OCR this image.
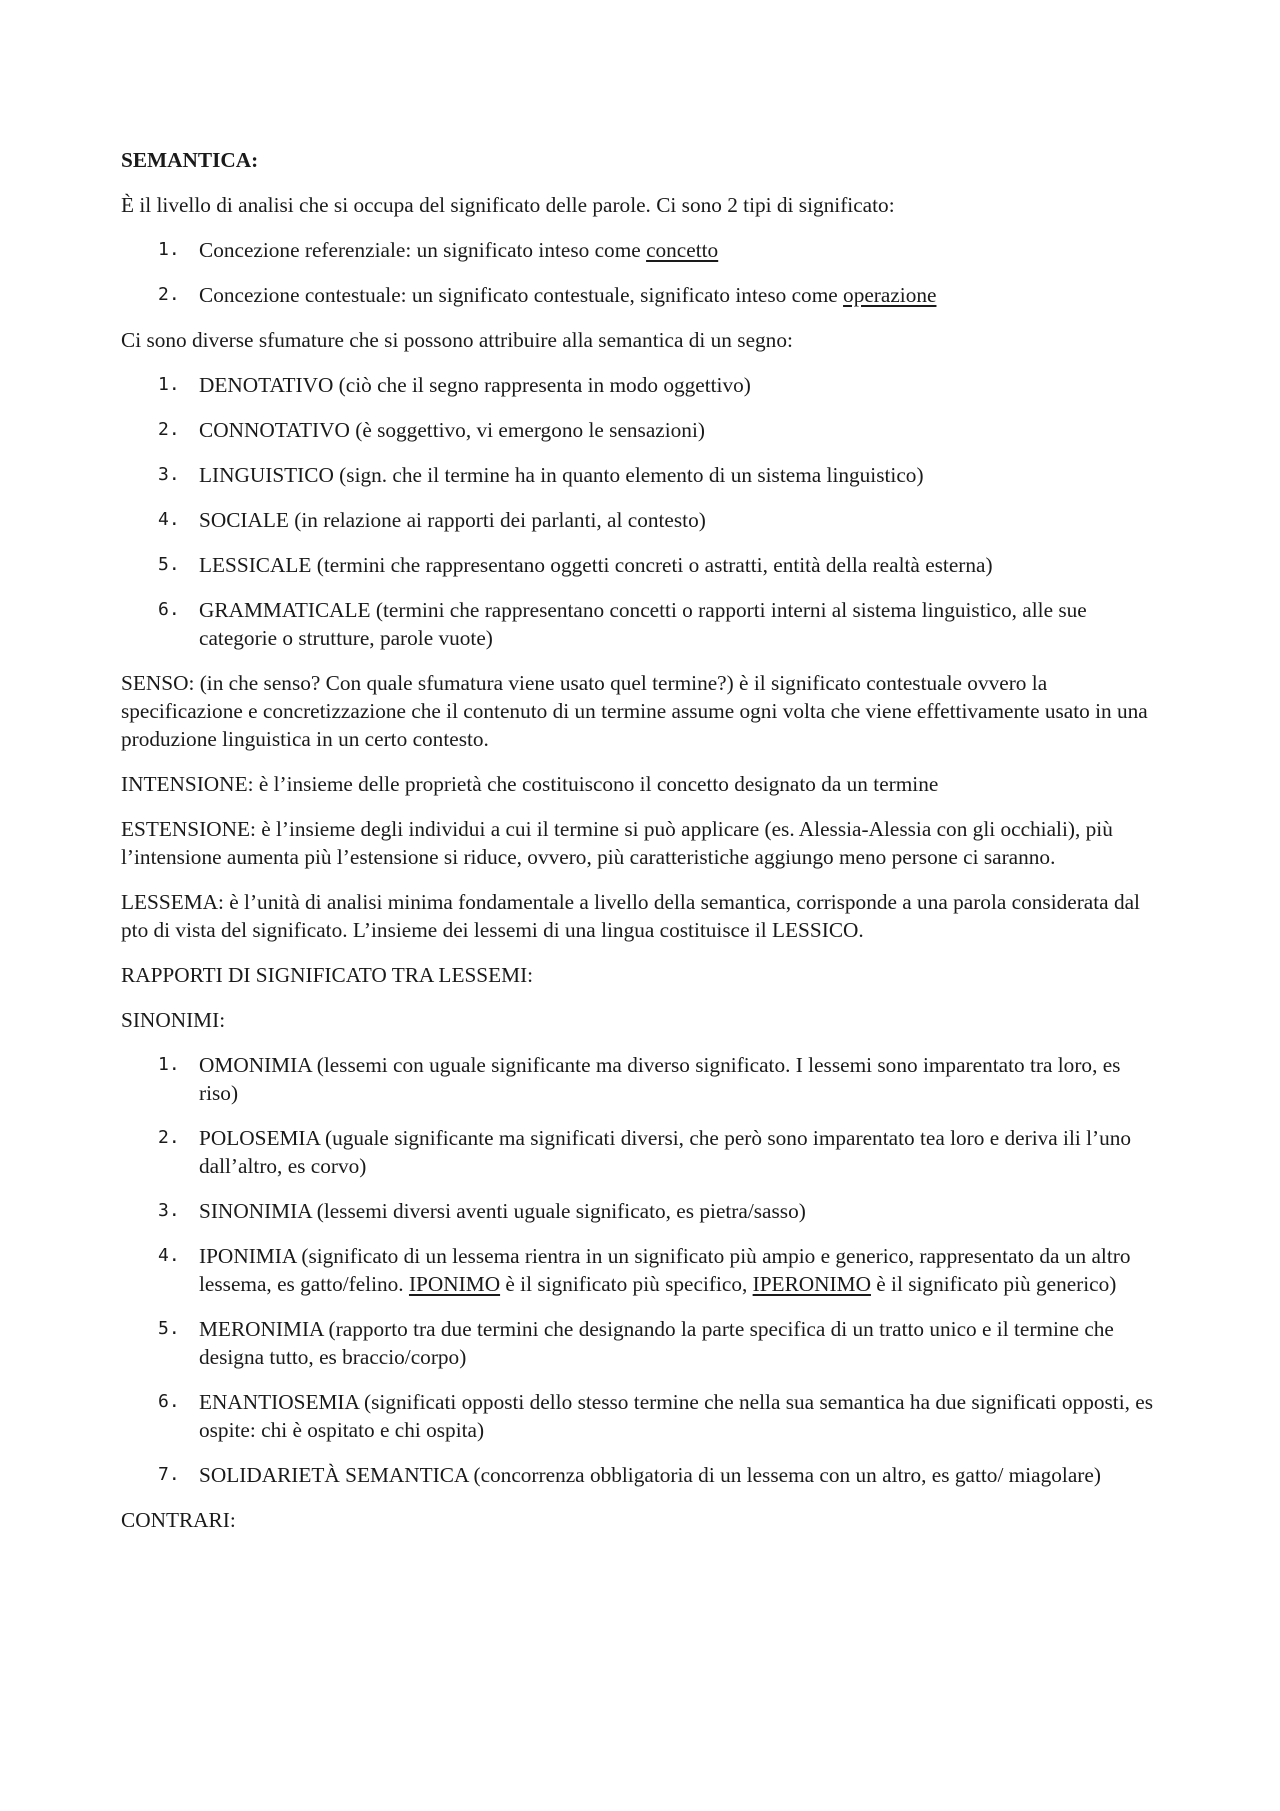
SEMANTICA:

È il livello di analisi che si occupa del significato delle parole. Ci sono 2 tipi di significato:

1. Concezione referenziale: un significato inteso come concetto
2. Concezione contestuale: un significato contestuale, significato inteso come operazione

Ci sono diverse sfumature che si possono attribuire alla semantica di un segno:

1. DENOTATIVO (ciò che il segno rappresenta in modo oggettivo)
2. CONNOTATIVO (è soggettivo, vi emergono le sensazioni)
3. LINGUISTICO (sign. che il termine ha in quanto elemento di un sistema linguistico)
4. SOCIALE (in relazione ai rapporti dei parlanti, al contesto)
5. LESSICALE (termini che rappresentano oggetti concreti o astratti, entità della realtà esterna)
6. GRAMMATICALE (termini che rappresentano concetti o rapporti interni al sistema linguistico, alle sue categorie o strutture, parole vuote)

SENSO: (in che senso? Con quale sfumatura viene usato quel termine?) è il significato contestuale ovvero la specificazione e concretizzazione che il contenuto di un termine assume ogni volta che viene effettivamente usato in una produzione linguistica in un certo contesto.

INTENSIONE: è l’insieme delle proprietà che costituiscono il concetto designato da un termine

ESTENSIONE: è l’insieme degli individui a cui il termine si può applicare (es. Alessia-Alessia con gli occhiali), più l’intensione aumenta più l’estensione si riduce, ovvero, più caratteristiche aggiungo meno persone ci saranno.

LESSEMA: è l’unità di analisi minima fondamentale a livello della semantica, corrisponde a una parola considerata dal pto di vista del significato. L’insieme dei lessemi di una lingua costituisce il LESSICO.

RAPPORTI DI SIGNIFICATO TRA LESSEMI:

SINONIMI:

1. OMONIMIA (lessemi con uguale significante ma diverso significato. I lessemi sono imparentato tra loro, es riso)
2. POLOSEMIA (uguale significante ma significati diversi, che però sono imparentato tea loro e deriva ili l’uno dall’altro, es corvo)
3. SINONIMIA (lessemi diversi aventi uguale significato, es pietra/sasso)
4. IPONIMIA (significato di un lessema rientra in un significato più ampio e generico, rappresentato da un altro lessema, es gatto/felino. IPONIMO è il significato più specifico, IPERONIMO è il significato più generico)
5. MERONIMIA (rapporto tra due termini che designando la parte specifica di un tratto unico e il termine che designa tutto, es braccio/corpo)
6. ENANTIOSEMIA (significati opposti dello stesso termine che nella sua semantica ha due significati opposti, es ospite: chi è ospitato e chi ospita)
7. SOLIDARIETÀ SEMANTICA (concorrenza obbligatoria di un lessema con un altro, es gatto/ miagolare)

CONTRARI:
